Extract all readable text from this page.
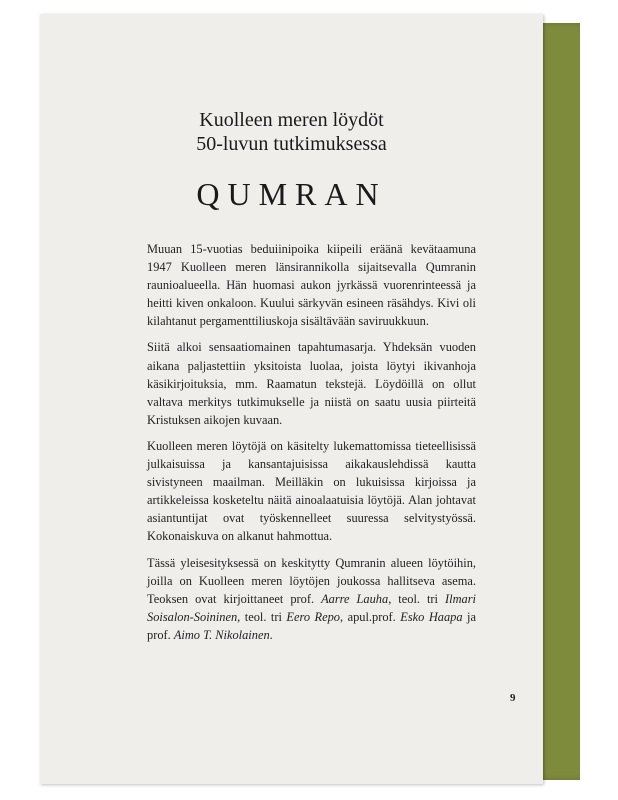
Kuolleen meren löydöt
50-luvun tutkimuksessa
QUMRAN

Muuan 15-vuotias beduiinipoika kiipeili eräänä kevätaamuna 1947 Kuolleen meren länsirannikolla sijaitsevalla Qumranin raunioalueella. Hän huomasi aukon jyrkässä vuorenrinteessä ja heitti kiven onkaloon. Kuului särkyvän esineen räsähdys. Kivi oli kilahtanut pergamenttiliuskoja sisältävään saviruukkuun.

Siitä alkoi sensaatiomainen tapahtumasarja. Yhdeksän vuoden aikana paljastettiin yksitoista luolaa, joista löytyi ikivanhoja käsikirjoituksia, mm. Raamatun tekstejä. Löydöillä on ollut valtava merkitys tutkimukselle ja niistä on saatu uusia piirteitä Kristuksen aikojen kuvaan.

Kuolleen meren löytöjä on käsitelty lukemattomissa tieteellisissä julkaisuissa ja kansantajuisissa aikakauslehdissä kautta sivistyneen maailman. Meilläkin on lukuisissa kirjoissa ja artikkeleissa kosketeltu näitä ainoalaatuisia löytöjä. Alan johtavat asiantuntijat ovat työskennelleet suuressa selvitystyössä. Kokonaiskuva on alkanut hahmottua.

Tässä yleisesityksessä on keskitytty Qumranin alueen löytöihin, joilla on Kuolleen meren löytöjen joukossa hallitseva asema. Teoksen ovat kirjoittaneet prof. Aarre Lauha, teol. tri Ilmari Soisalon-Soininen, teol. tri Eero Repo, apul.prof. Esko Haapa ja prof. Aimo T. Nikolainen.

9
